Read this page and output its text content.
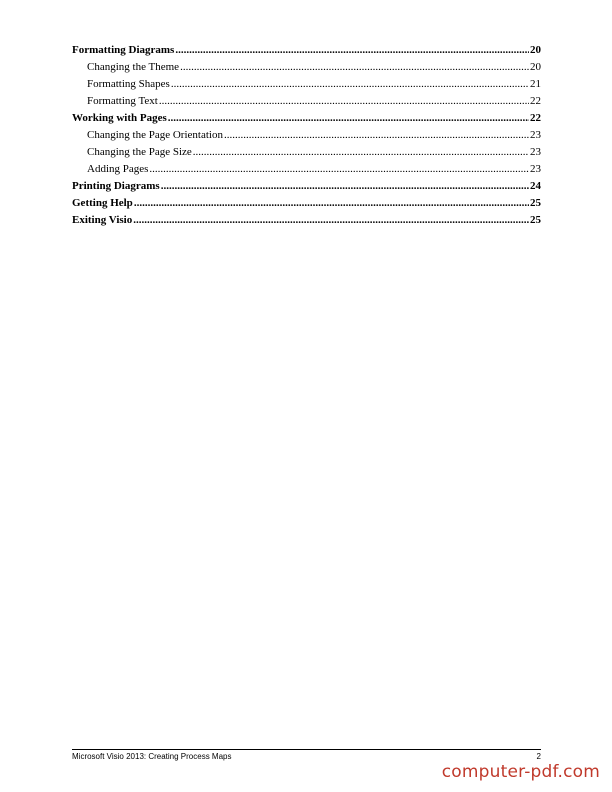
Formatting Diagrams .....	20
Changing the Theme .....	20
Formatting Shapes .....	21
Formatting Text .....	22
Working with Pages .....	22
Changing the Page Orientation .....	23
Changing the Page Size .....	23
Adding Pages .....	23
Printing Diagrams .....	24
Getting Help .....	25
Exiting Visio .....	25
Microsoft Visio 2013: Creating Process Maps	2
computer-pdf.com
